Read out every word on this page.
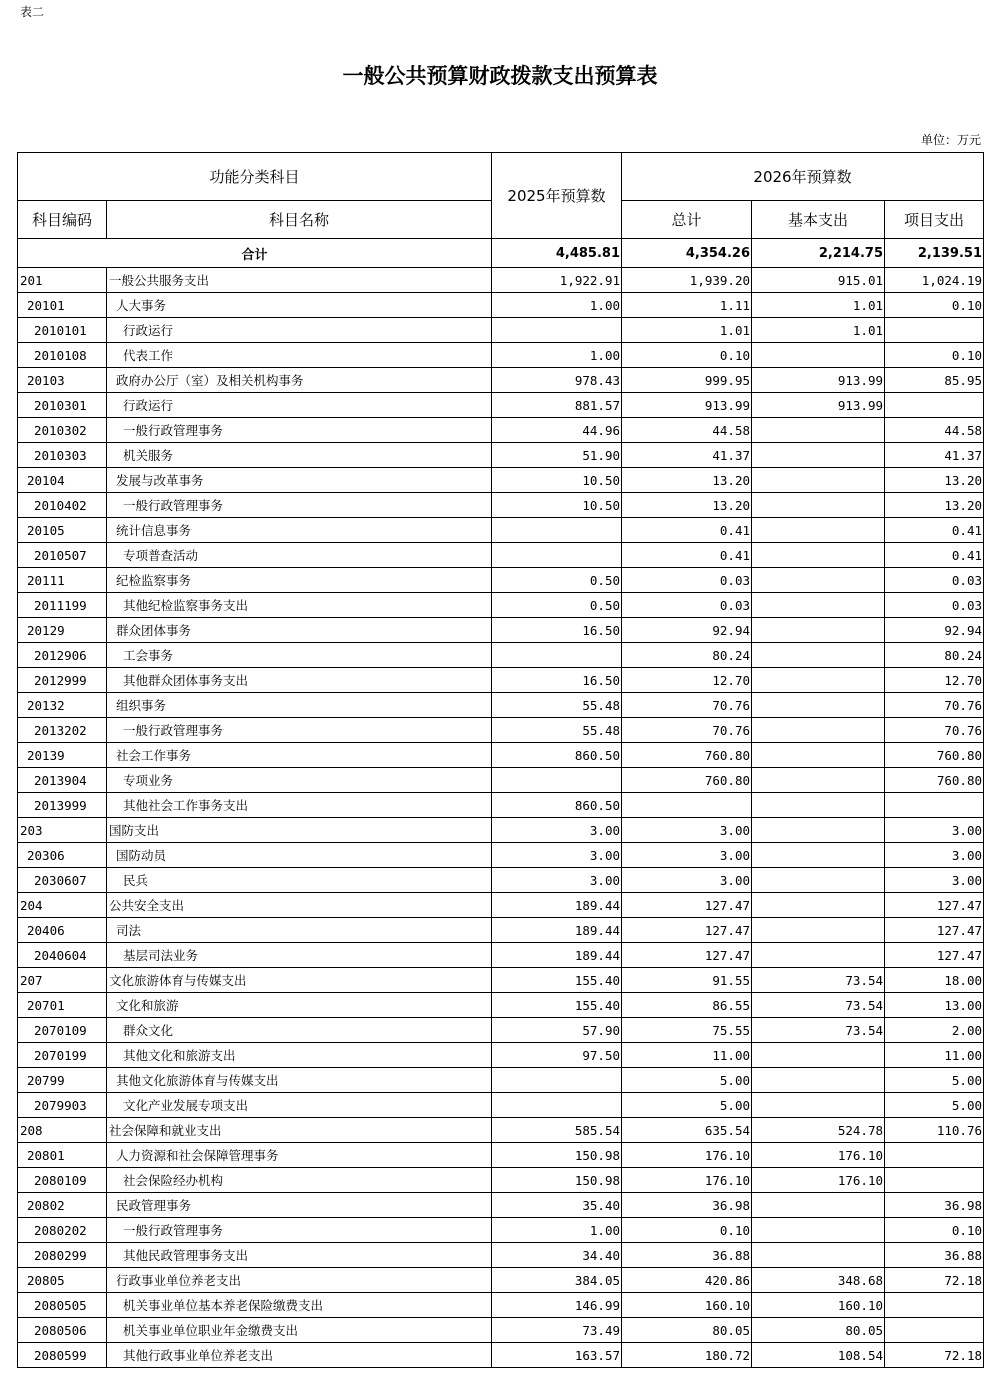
表二
一般公共预算财政拨款支出预算表
单位：万元
功能分类科目		2025年预算数	2026年预算数		
科目编码	科目名称		总计	基本支出	项目支出
合计		4,485.81	4,354.26	2,214.75	2,139.51
201	一般公共服务支出	1,922.91	1,939.20	915.01	1,024.19
20101	人大事务	1.00	1.11	1.01	0.10
2010101	行政运行		1.01	1.01	
2010108	代表工作	1.00	0.10		0.10
20103	政府办公厅（室）及相关机构事务	978.43	999.95	913.99	85.95
2010301	行政运行	881.57	913.99	913.99	
2010302	一般行政管理事务	44.96	44.58		44.58
2010303	机关服务	51.90	41.37		41.37
20104	发展与改革事务	10.50	13.20		13.20
2010402	一般行政管理事务	10.50	13.20		13.20
20105	统计信息事务		0.41		0.41
2010507	专项普查活动		0.41		0.41
20111	纪检监察事务	0.50	0.03		0.03
2011199	其他纪检监察事务支出	0.50	0.03		0.03
20129	群众团体事务	16.50	92.94		92.94
2012906	工会事务		80.24		80.24
2012999	其他群众团体事务支出	16.50	12.70		12.70
20132	组织事务	55.48	70.76		70.76
2013202	一般行政管理事务	55.48	70.76		70.76
20139	社会工作事务	860.50	760.80		760.80
2013904	专项业务		760.80		760.80
2013999	其他社会工作事务支出	860.50			
203	国防支出	3.00	3.00		3.00
20306	国防动员	3.00	3.00		3.00
2030607	民兵	3.00	3.00		3.00
204	公共安全支出	189.44	127.47		127.47
20406	司法	189.44	127.47		127.47
2040604	基层司法业务	189.44	127.47		127.47
207	文化旅游体育与传媒支出	155.40	91.55	73.54	18.00
20701	文化和旅游	155.40	86.55	73.54	13.00
2070109	群众文化	57.90	75.55	73.54	2.00
2070199	其他文化和旅游支出	97.50	11.00		11.00
20799	其他文化旅游体育与传媒支出		5.00		5.00
2079903	文化产业发展专项支出		5.00		5.00
208	社会保障和就业支出	585.54	635.54	524.78	110.76
20801	人力资源和社会保障管理事务	150.98	176.10	176.10	
2080109	社会保险经办机构	150.98	176.10	176.10	
20802	民政管理事务	35.40	36.98		36.98
2080202	一般行政管理事务	1.00	0.10		0.10
2080299	其他民政管理事务支出	34.40	36.88		36.88
20805	行政事业单位养老支出	384.05	420.86	348.68	72.18
2080505	机关事业单位基本养老保险缴费支出	146.99	160.10	160.10	
2080506	机关事业单位职业年金缴费支出	73.49	80.05	80.05	
2080599	其他行政事业单位养老支出	163.57	180.72	108.54	72.18
